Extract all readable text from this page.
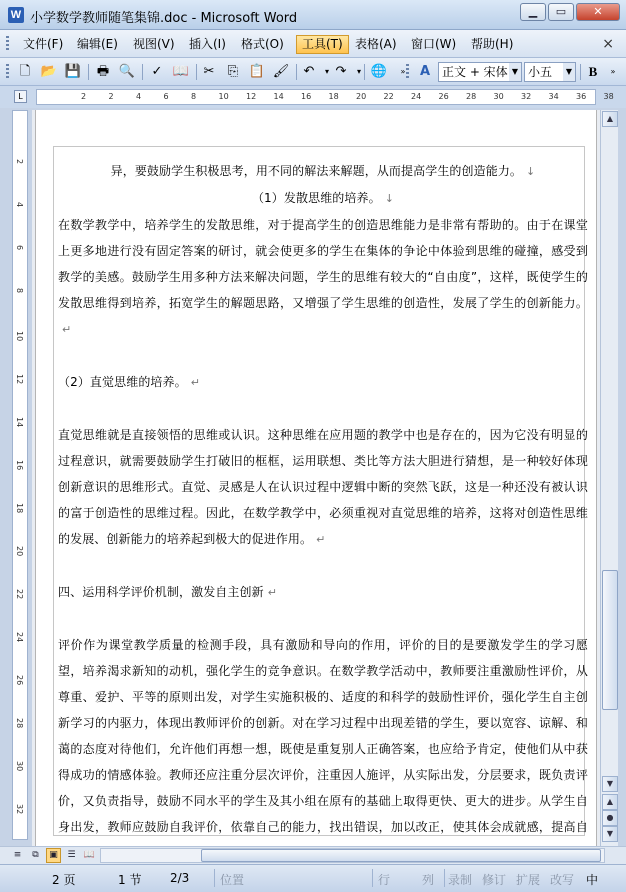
W 小学数学教师随笔集锦.doc - Microsoft Word	▁	▭	✕
文件(F)	编辑(E)	视图(V)	插入(I)	格式(O)	工具(T)	表格(A)	窗口(W)	帮助(H)	×
🗋 📂 💾 🖶 🔍 ✓ 📖 ✂ ⎘ 📋 🖌 ↶	▾ ↷	▾ 🌐	»	A 正文 + 宋体 ▼ 小五	▼	B	»
L	2	2	4	6	8	10 12 14 16 18 20 22 24 26 28 30 32 34 36 38
2
4
6
8
10
12
14
16
18
20
22
24
26
28
30
32

异，要鼓励学生积极思考，用不同的解法来解题，从而提高学生的创造能力。 ↓

（1）发散思维的培养。 ↓

在数学教学中，培养学生的发散思维，对于提高学生的创造思维能力是非常有帮助的。由于在课堂上更多地进行没有固定答案的研讨，就会使更多的学生在集体的争论中体验到思维的碰撞，感受到教学的美感。鼓励学生用多种方法来解决问题，学生的思维有较大的“自由度”，这样，既使学生的发散思维得到培养，拓宽学生的解题思路，又增强了学生思维的创造性，发展了学生的创新能力。↵

（2）直觉思维的培养。 ↵

直觉思维就是直接领悟的思维或认识。这种思维在应用题的教学中也是存在的，因为它没有明显的过程意识，就需要鼓励学生打破旧的框框，运用联想、类比等方法大胆进行猜想，是一种较好体现创新意识的思维形式。直觉、灵感是人在认识过程中逻辑中断的突然飞跃，这是一种还没有被认识的富于创造性的思维过程。因此，在数学教学中，必须重视对直觉思维的培养，这将对创造性思维的发展、创新能力的培养起到极大的促进作用。 ↵

四、运用科学评价机制，激发自主创新 ↵

评价作为课堂教学质量的检测手段，具有激励和导向的作用，评价的目的是要激发学生的学习愿望，培养渴求新知的动机，强化学生的竞争意识。在数学教学活动中，教师要注重激励性评价，从尊重、爱护、平等的原则出发，对学生实施积极的、适度的和科学的鼓励性评价，强化学生自主创新学习的内驱力，体现出教师评价的创新。对在学习过程中出现差错的学生，要以宽容、谅解、和蔼的态度对待他们，允许他们再想一想，既使是重复别人正确答案，也应给予肯定，使他们从中获得成功的情感体验。教师还应注重分层次评价，注重因人施评，从实际出发，分层要求，既负责评价，又负责指导，鼓励不同水平的学生及其小组在原有的基础上取得更快、更大的进步。从学生自身出发，教师应鼓励自我评价，依靠自己的能力，找出错误，加以改正，使其体会成就感，提高自

▲
▼
▲
●
▼
≡	⧉	▣	☰ 📖
2 页	1 节 2/3	位置	行	列 录制 修订 扩展 改写 中
